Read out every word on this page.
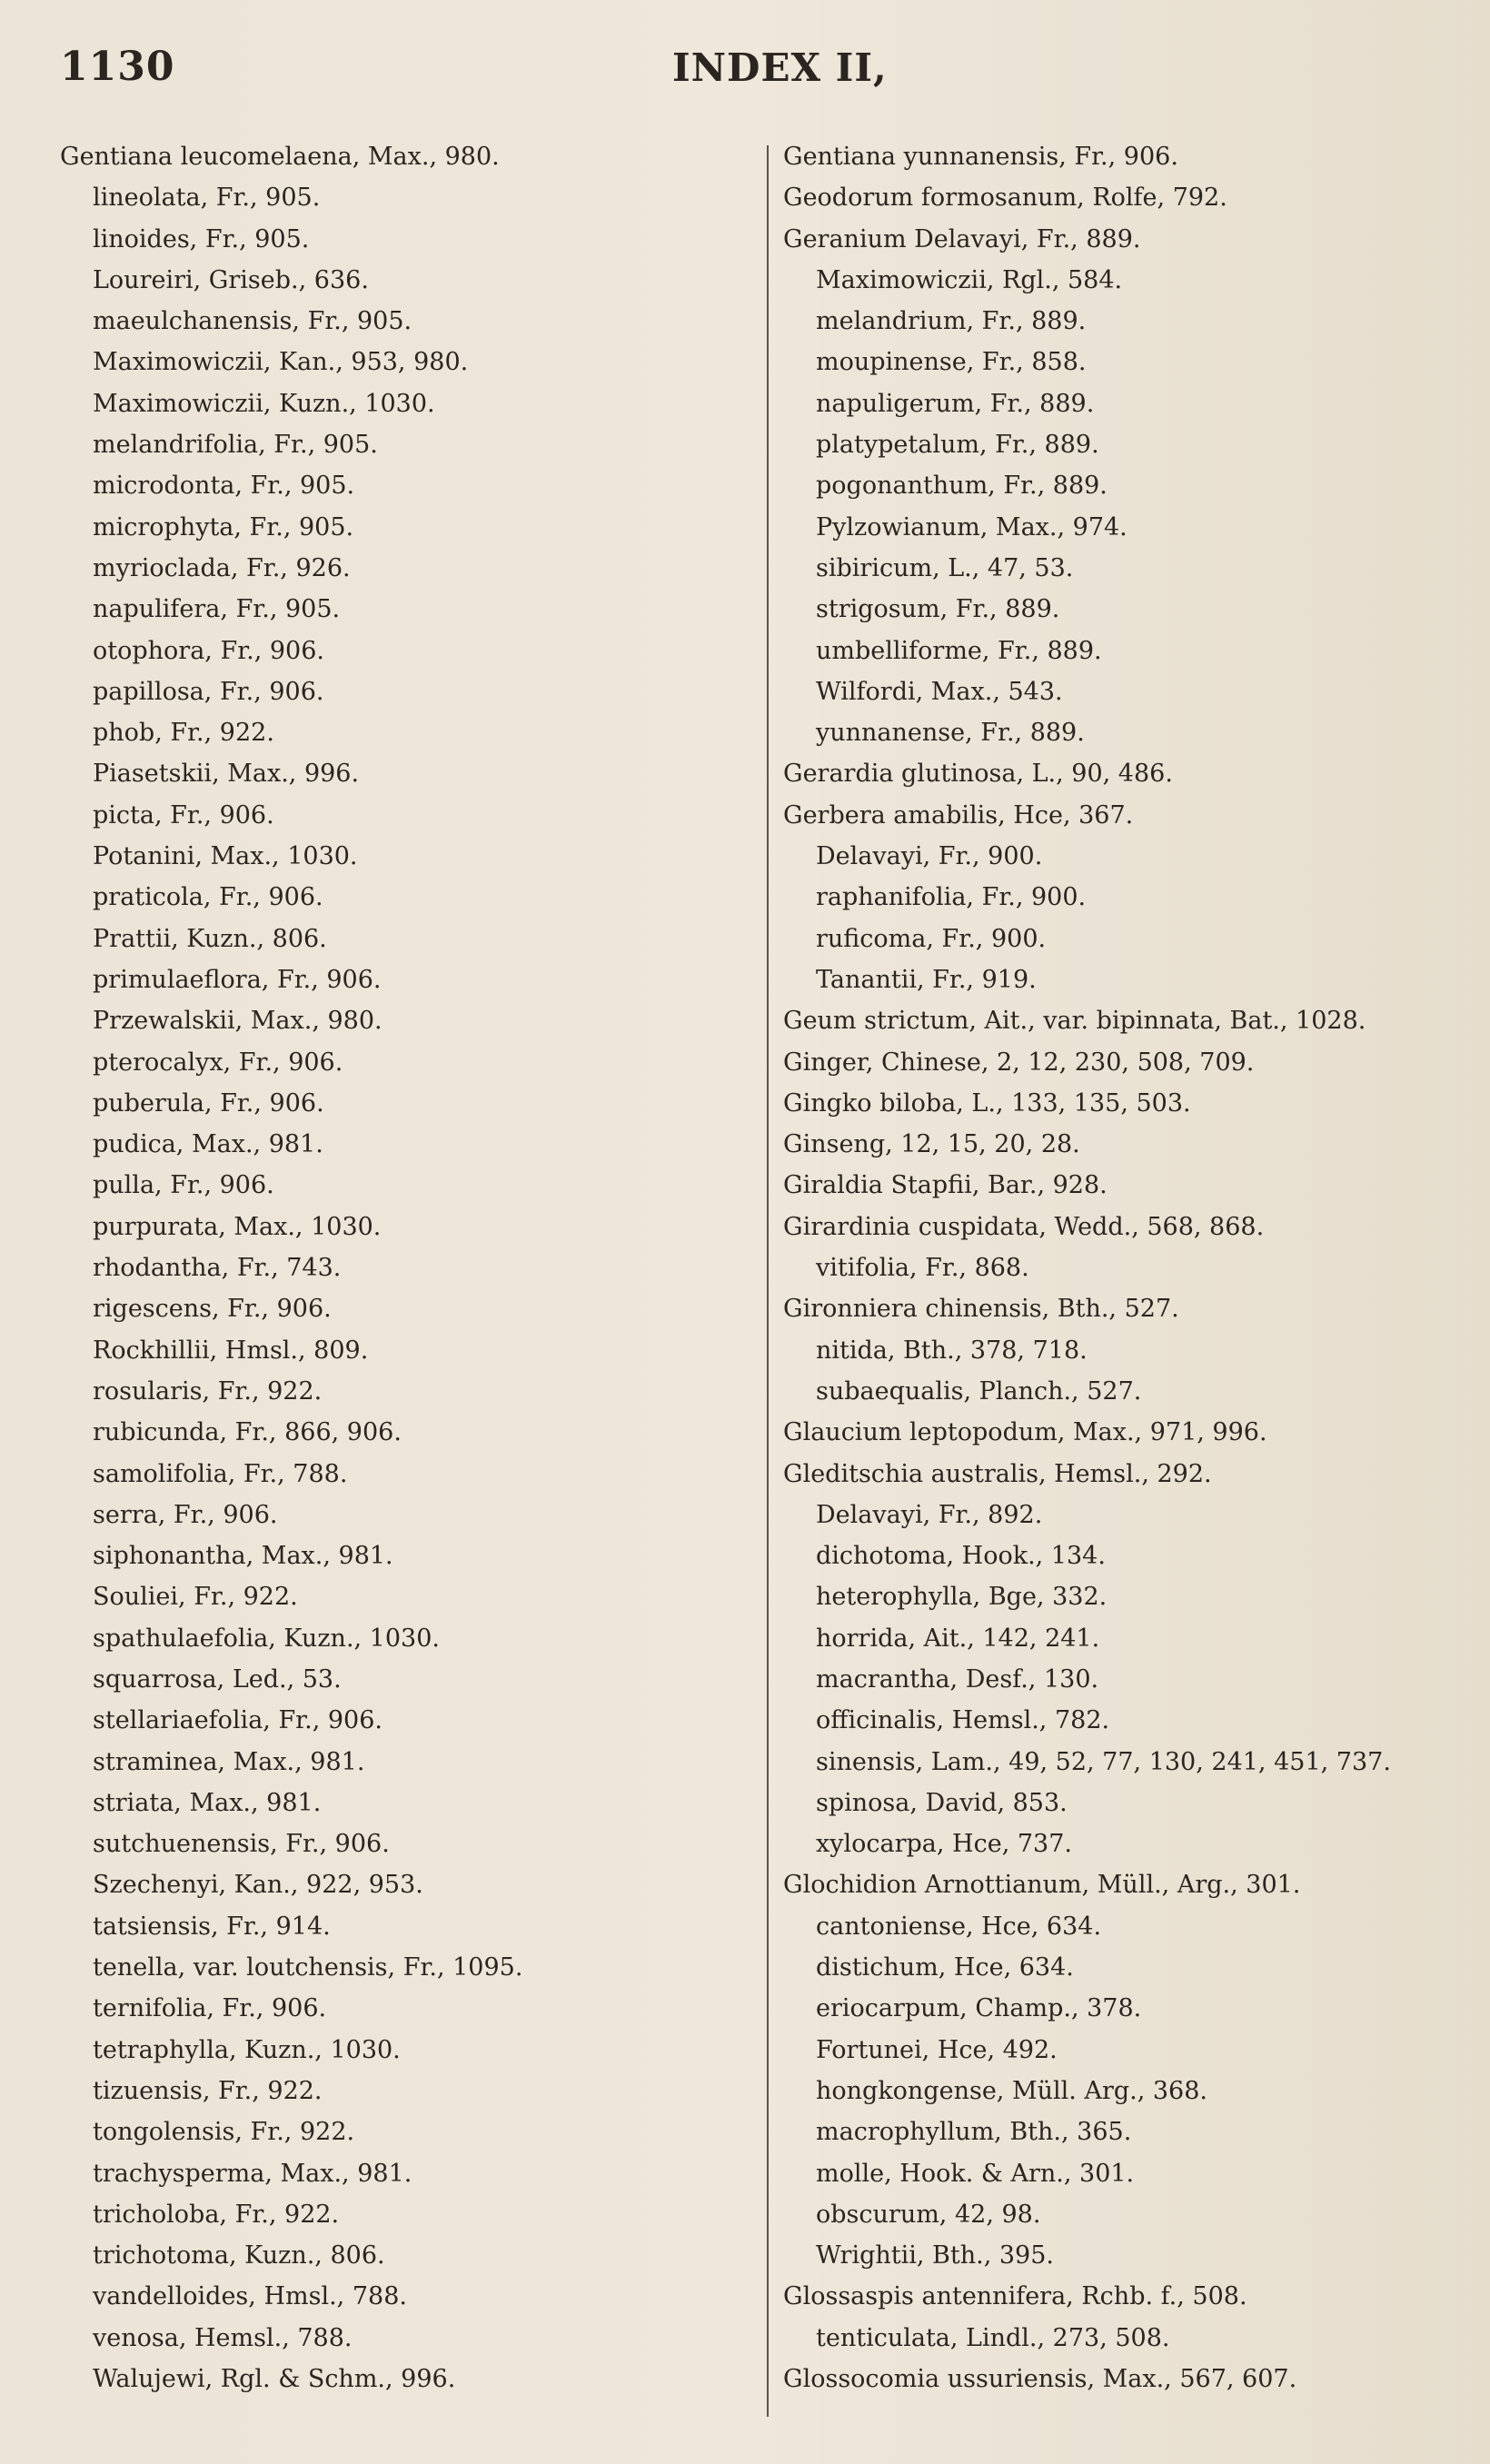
1130	INDEX II,
Gentiana leucomelaena, Max., 980.
lineolata, Fr., 905.
linoides, Fr., 905.
Loureiri, Griseb., 636.
maeulchanensis, Fr., 905.
Maximowiczii, Kan., 953, 980.
Maximowiczii, Kuzn., 1030.
melandrifolia, Fr., 905.
microdonta, Fr., 905.
microphyta, Fr., 905.
myrioclada, Fr., 926.
napulifera, Fr., 905.
otophora, Fr., 906.
papillosa, Fr., 906.
phob, Fr., 922.
Piasetskii, Max., 996.
picta, Fr., 906.
Potanini, Max., 1030.
praticola, Fr., 906.
Prattii, Kuzn., 806.
primulaeflora, Fr., 906.
Przewalskii, Max., 980.
pterocalyx, Fr., 906.
puberula, Fr., 906.
pudica, Max., 981.
pulla, Fr., 906.
purpurata, Max., 1030.
rhodantha, Fr., 743.
rigescens, Fr., 906.
Rockhillii, Hmsl., 809.
rosularis, Fr., 922.
rubicunda, Fr., 866, 906.
samolifolia, Fr., 788.
serra, Fr., 906.
siphonantha, Max., 981.
Souliei, Fr., 922.
spathulaefolia, Kuzn., 1030.
squarrosa, Led., 53.
stellariaefolia, Fr., 906.
straminea, Max., 981.
striata, Max., 981.
sutchuenensis, Fr., 906.
Szechenyi, Kan., 922, 953.
tatsiensis, Fr., 914.
tenella, var. loutchensis, Fr., 1095.
ternifolia, Fr., 906.
tetraphylla, Kuzn., 1030.
tizuensis, Fr., 922.
tongolensis, Fr., 922.
trachysperma, Max., 981.
tricholoba, Fr., 922.
trichotoma, Kuzn., 806.
vandelloides, Hmsl., 788.
venosa, Hemsl., 788.
Walujewi, Rgl. & Schm., 996.
Gentiana yunnanensis, Fr., 906.
Geodorum formosanum, Rolfe, 792.
Geranium Delavayi, Fr., 889.
Maximowiczii, Rgl., 584.
melandrium, Fr., 889.
moupinense, Fr., 858.
napuligerum, Fr., 889.
platypetalum, Fr., 889.
pogonanthum, Fr., 889.
Pylzowianum, Max., 974.
sibiricum, L., 47, 53.
strigosum, Fr., 889.
umbelliforme, Fr., 889.
Wilfordi, Max., 543.
yunnanense, Fr., 889.
Gerardia glutinosa, L., 90, 486.
Gerbera amabilis, Hce, 367.
Delavayi, Fr., 900.
raphanifolia, Fr., 900.
ruficoma, Fr., 900.
Tanantii, Fr., 919.
Geum strictum, Ait., var. bipinnata, Bat., 1028.
Ginger, Chinese, 2, 12, 230, 508, 709.
Gingko biloba, L., 133, 135, 503.
Ginseng, 12, 15, 20, 28.
Giraldia Stapfii, Bar., 928.
Girardinia cuspidata, Wedd., 568, 868.
vitifolia, Fr., 868.
Gironniera chinensis, Bth., 527.
nitida, Bth., 378, 718.
subaequalis, Planch., 527.
Glaucium leptopodum, Max., 971, 996.
Gleditschia australis, Hemsl., 292.
Delavayi, Fr., 892.
dichotoma, Hook., 134.
heterophylla, Bge, 332.
horrida, Ait., 142, 241.
macrantha, Desf., 130.
officinalis, Hemsl., 782.
sinensis, Lam., 49, 52, 77, 130, 241, 451, 737.
spinosa, David, 853.
xylocarpa, Hce, 737.
Glochidion Arnottianum, Müll., Arg., 301.
cantoniense, Hce, 634.
distichum, Hce, 634.
eriocarpum, Champ., 378.
Fortunei, Hce, 492.
hongkongense, Müll. Arg., 368.
macrophyllum, Bth., 365.
molle, Hook. & Arn., 301.
obscurum, 42, 98.
Wrightii, Bth., 395.
Glossaspis antennifera, Rchb. f., 508.
tenticulata, Lindl., 273, 508.
Glossocomia ussuriensis, Max., 567, 607.
